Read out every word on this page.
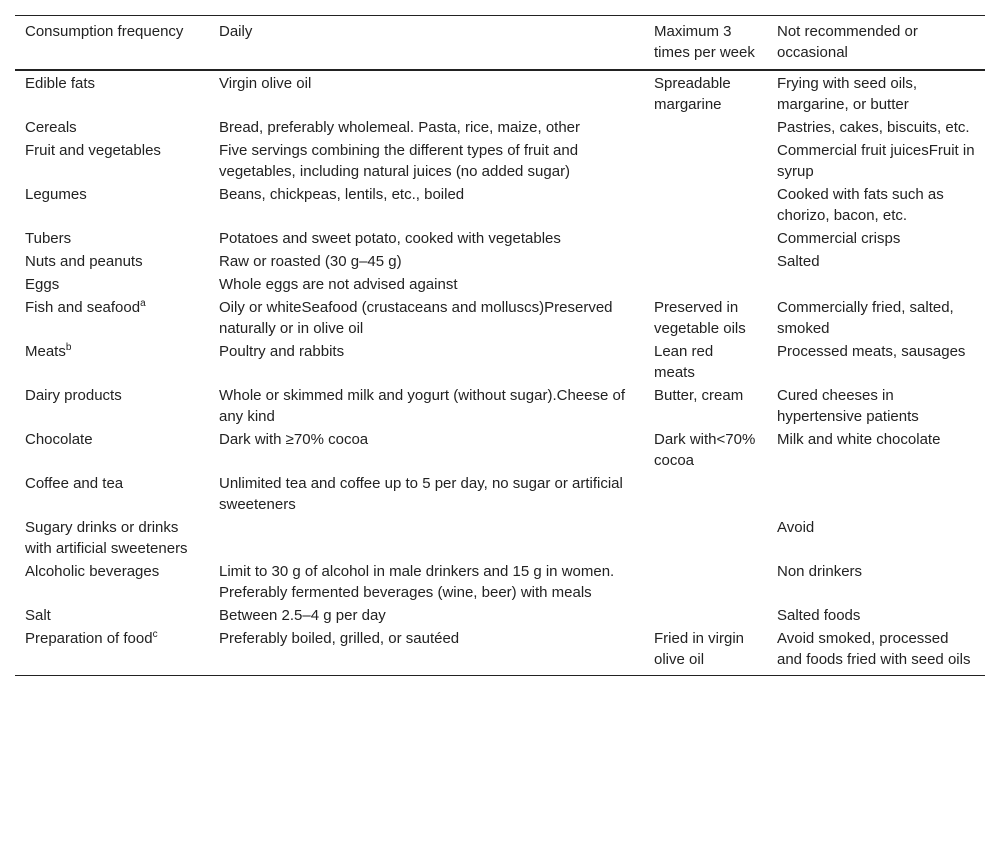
Consumption frequency	Daily	Maximum 3 times per week	Not recommended or occasional
Edible fats	Virgin olive oil	Spreadable margarine	Frying with seed oils, margarine, or butter
Cereals	Bread, preferably wholemeal. Pasta, rice, maize, other		Pastries, cakes, biscuits, etc.
Fruit and vegetables	Five servings combining the different types of fruit and vegetables, including natural juices (no added sugar)		Commercial fruit juicesFruit in syrup
Legumes	Beans, chickpeas, lentils, etc., boiled		Cooked with fats such as chorizo, bacon, etc.
Tubers	Potatoes and sweet potato, cooked with vegetables		Commercial crisps
Nuts and peanuts	Raw or roasted (30 g–45 g)		Salted
Eggs	Whole eggs are not advised against		
Fish and seafood$^a$	Oily or whiteSeafood (crustaceans and molluscs)Preserved naturally or in olive oil	Preserved in vegetable oils	Commercially fried, salted, smoked
Meats$^b$	Poultry and rabbits	Lean red meats	Processed meats, sausages
Dairy products	Whole or skimmed milk and yogurt (without sugar).Cheese of any kind	Butter, cream	Cured cheeses in hypertensive patients
Chocolate	Dark with ≥70% cocoa	Dark with<70% cocoa	Milk and white chocolate
Coffee and tea	Unlimited tea and coffee up to 5 per day, no sugar or artificial sweeteners		
Sugary drinks or drinks with artificial sweeteners			Avoid
Alcoholic beverages	Limit to 30 g of alcohol in male drinkers and 15 g in women. Preferably fermented beverages (wine, beer) with meals		Non drinkers
Salt	Between 2.5–4 g per day		Salted foods
Preparation of food$^c$	Preferably boiled, grilled, or sautéed	Fried in virgin olive oil	Avoid smoked, processed and foods fried with seed oils
